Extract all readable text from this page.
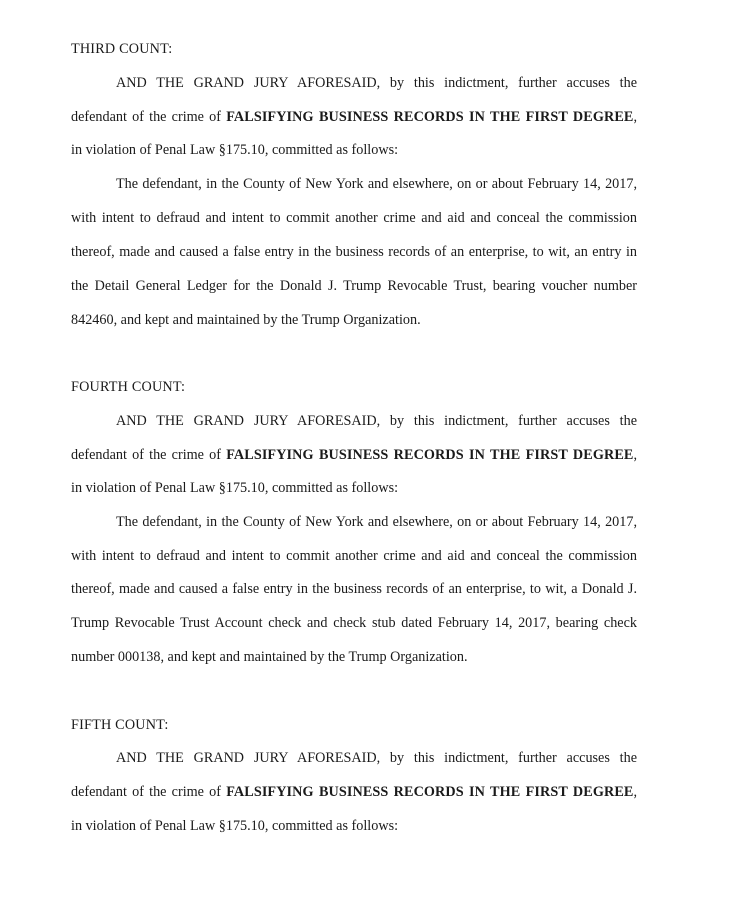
THIRD COUNT:
AND THE GRAND JURY AFORESAID, by this indictment, further accuses the
defendant of the crime of FALSIFYING BUSINESS RECORDS IN THE FIRST DEGREE,
in violation of Penal Law §175.10, committed as follows:
The defendant, in the County of New York and elsewhere, on or about February 14, 2017,
with intent to defraud and intent to commit another crime and aid and conceal the commission
thereof, made and caused a false entry in the business records of an enterprise, to wit, an entry in
the Detail General Ledger for the Donald J. Trump Revocable Trust, bearing voucher number
842460, and kept and maintained by the Trump Organization.
FOURTH COUNT:
AND THE GRAND JURY AFORESAID, by this indictment, further accuses the
defendant of the crime of FALSIFYING BUSINESS RECORDS IN THE FIRST DEGREE,
in violation of Penal Law §175.10, committed as follows:
The defendant, in the County of New York and elsewhere, on or about February 14, 2017,
with intent to defraud and intent to commit another crime and aid and conceal the commission
thereof, made and caused a false entry in the business records of an enterprise, to wit, a Donald J.
Trump Revocable Trust Account check and check stub dated February 14, 2017, bearing check
number 000138, and kept and maintained by the Trump Organization.
FIFTH COUNT:
AND THE GRAND JURY AFORESAID, by this indictment, further accuses the
defendant of the crime of FALSIFYING BUSINESS RECORDS IN THE FIRST DEGREE,
in violation of Penal Law §175.10, committed as follows:
